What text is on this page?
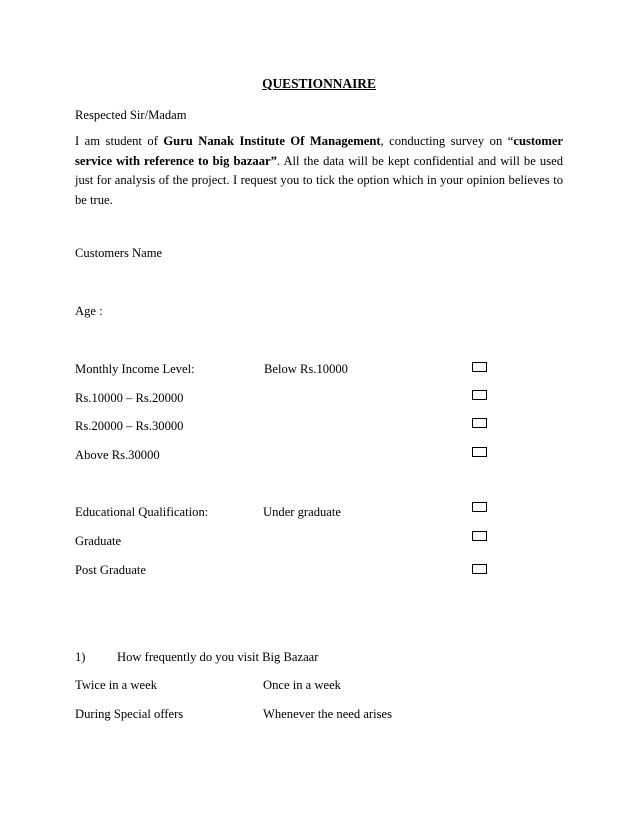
QUESTIONNAIRE
Respected Sir/Madam
I am student of Guru Nanak Institute Of Management, conducting survey on “customer service with reference to big bazaar”. All the data will be kept confidential and will be used just for analysis of the project. I request you to tick the option which in your opinion believes to be true.
Customers Name
Age :
Monthly Income Level:	Below Rs.10000
Rs.10000 – Rs.20000
Rs.20000 – Rs.30000
Above Rs.30000
Educational Qualification:	Under graduate
Graduate
Post Graduate
1)	How frequently do you visit Big Bazaar
Twice in a week	Once in a week
During Special offers	Whenever the need arises
